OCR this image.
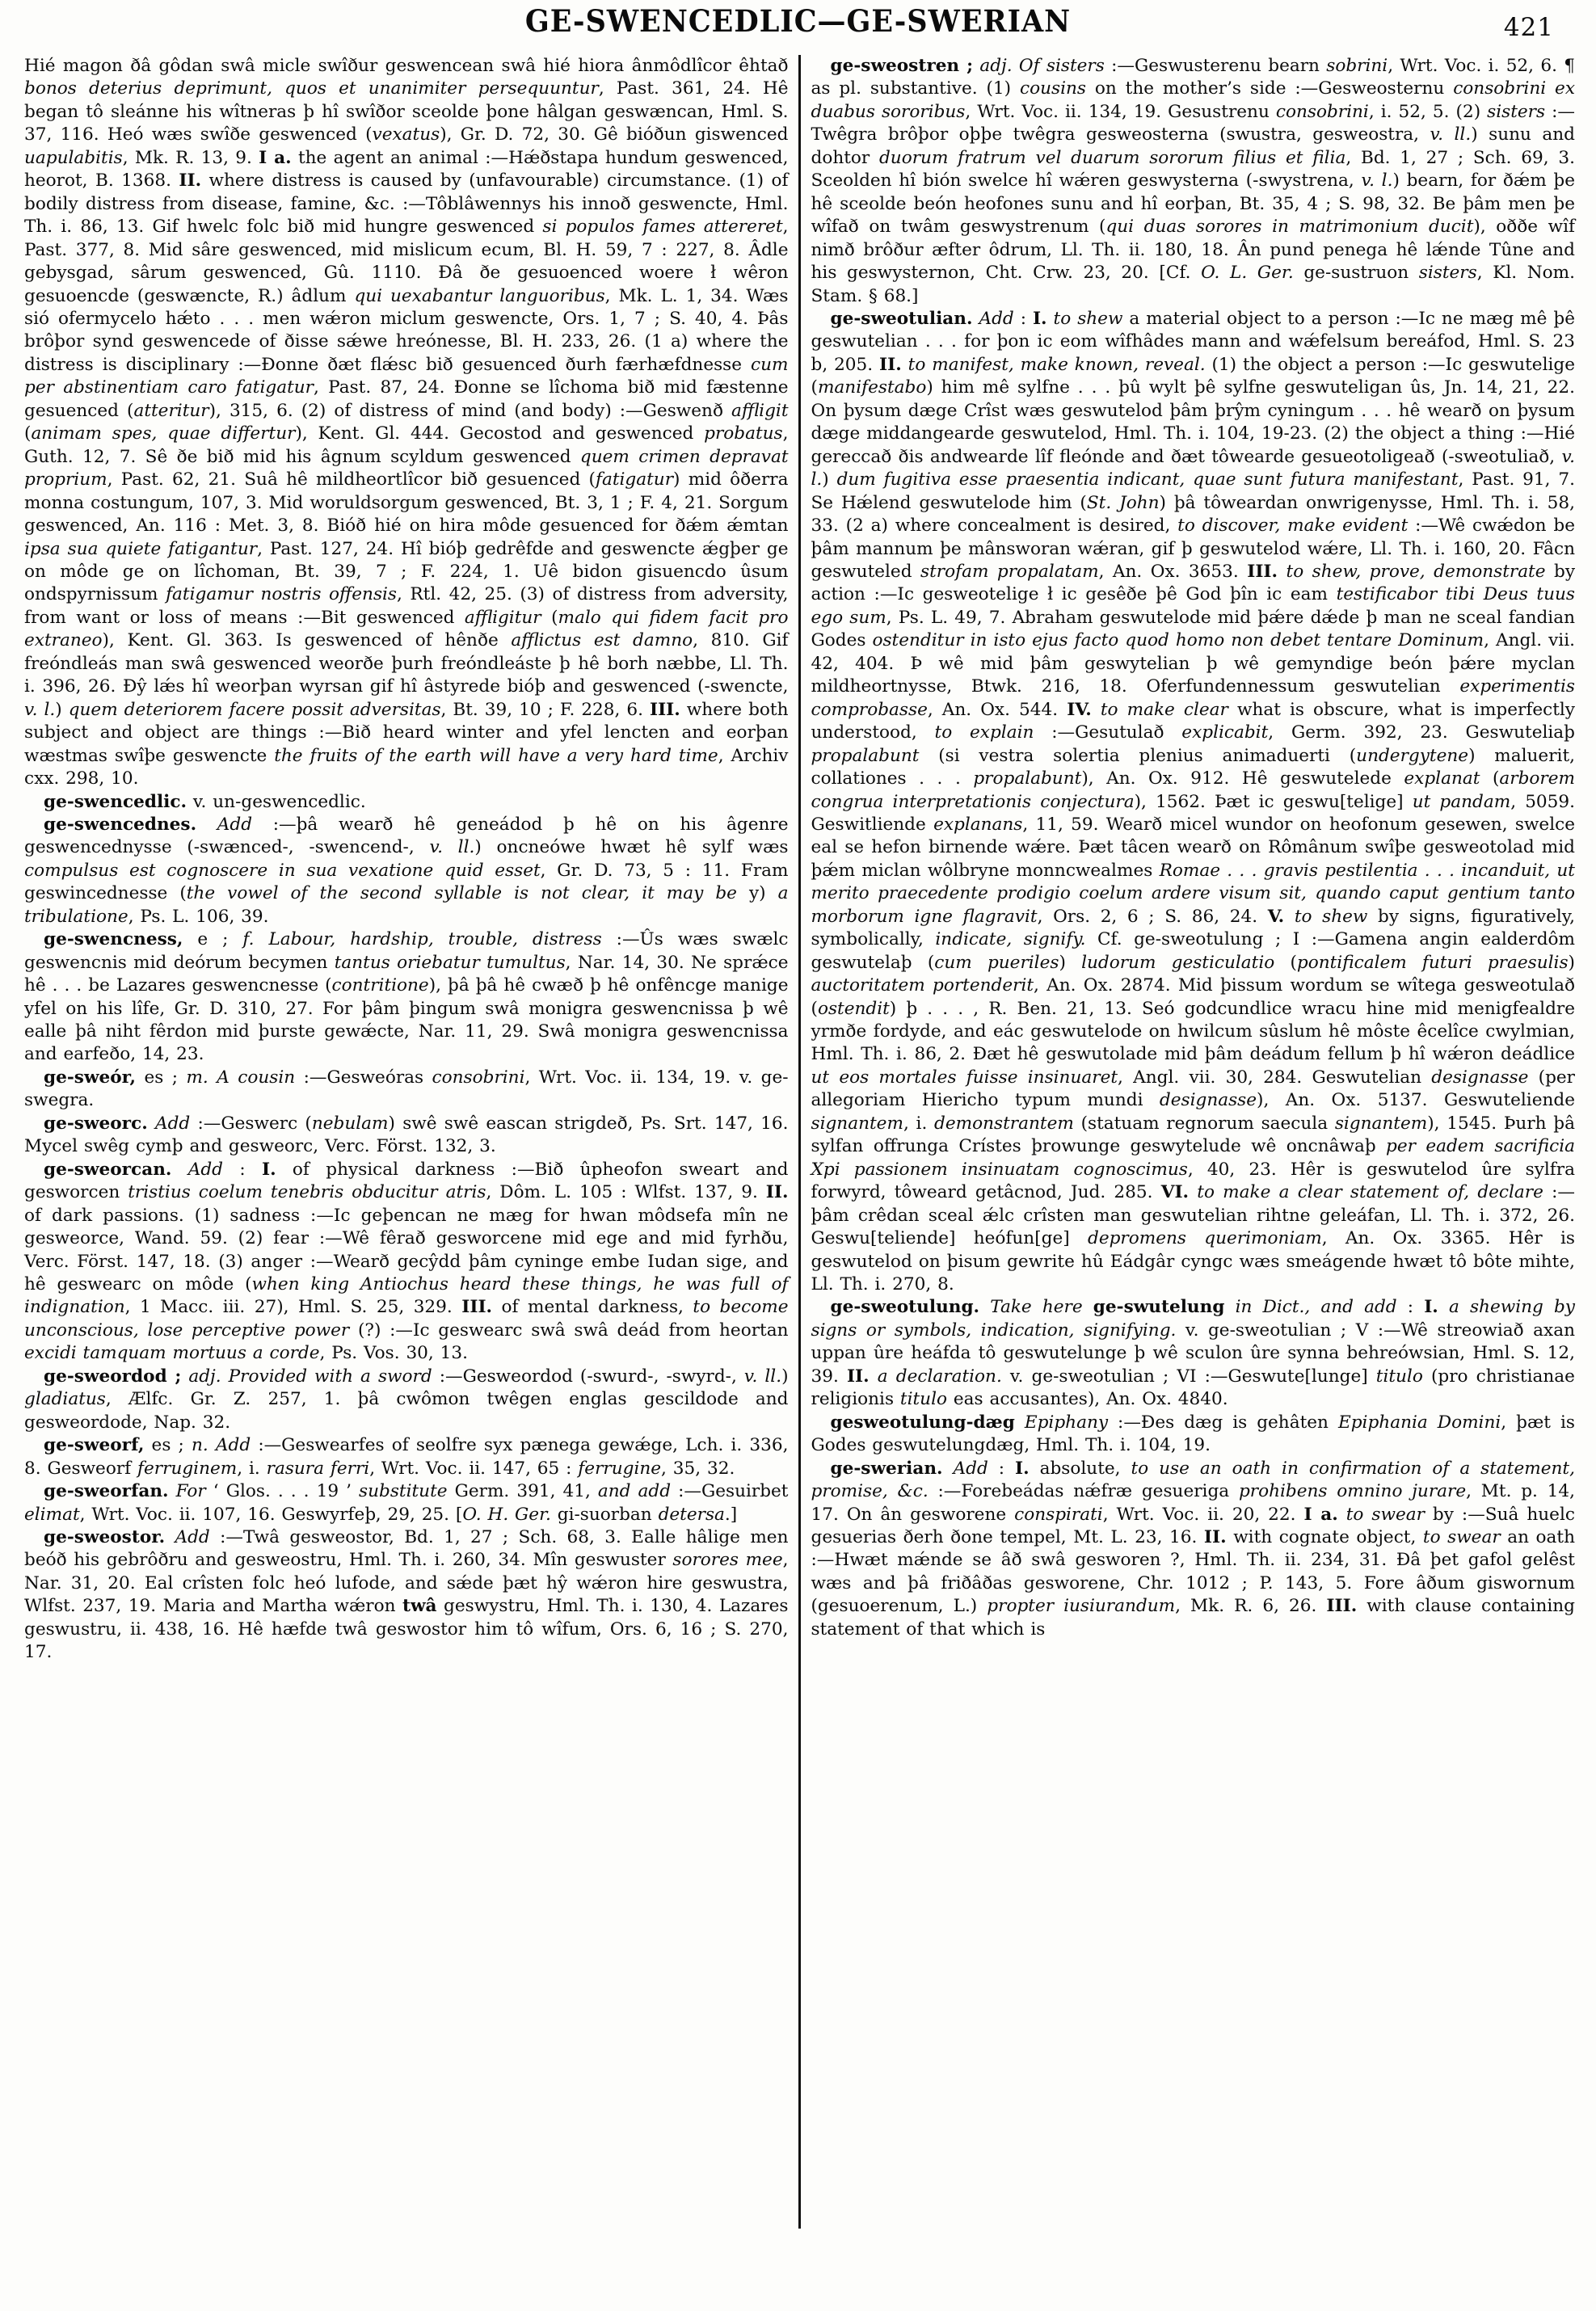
GE-SWENCEDLIC—GE-SWERIAN	421

Hié magon ðâ gôdan swâ micle swîður geswencean swâ hié hiora ânmôdlîcor êhtað bonos deterius deprimunt, quos et unanimiter persequuntur, Past. 361, 24. Hê began tô sleánne his wîtneras þ hî swîðor sceolde þone hâlgan geswæncan, Hml. S. 37, 116. Heó wæs swîðe geswenced (vexatus), Gr. D. 72, 30. Gê bióðun giswenced uapulabitis, Mk. R. 13, 9. I a. the agent an animal :—Hǽðstapa hundum geswenced, heorot, B. 1368. II. where distress is caused by (unfavourable) circumstance. (1) of bodily distress from disease, famine, &c. :—Tôblâwennys his innoð geswencte, Hml. Th. i. 86, 13. Gif hwelc folc bið mid hungre geswenced si populos fames attereret, Past. 377, 8. Mid sâre geswenced, mid mislicum ecum, Bl. H. 59, 7 : 227, 8. Âdle gebysgad, sârum geswenced, Gû. 1110. Ðâ ðe gesuoenced woere ł wêron gesuoencde (geswæncte, R.) âdlum qui uexabantur languoribus, Mk. L. 1, 34. Wæs sió ofermycelo hǽto . . . men wǽron miclum geswencte, Ors. 1, 7 ; S. 40, 4. Þâs brôþor synd geswencede of ðisse sǽwe hreónesse, Bl. H. 233, 26. (1 a) where the distress is disciplinary :—Ðonne ðæt flǽsc bið gesuenced ðurh færhæfdnesse cum per abstinentiam caro fatigatur, Past. 87, 24. Ðonne se lîchoma bið mid fæstenne gesuenced (atteritur), 315, 6. (2) of distress of mind (and body) :—Geswenð affligit (animam spes, quae differtur), Kent. Gl. 444. Gecostod and geswenced probatus, Guth. 12, 7. Sê ðe bið mid his âgnum scyldum geswenced quem crimen depravat proprium, Past. 62, 21. Suâ hê mildheortlîcor bið gesuenced (fatigatur) mid ôðerra monna costungum, 107, 3. Mid woruldsorgum geswenced, Bt. 3, 1 ; F. 4, 21. Sorgum geswenced, An. 116 : Met. 3, 8. Bióð hié on hira môde gesuenced for ðǽm ǽmtan ipsa sua quiete fatigantur, Past. 127, 24. Hî bióþ gedrêfde and geswencte ǽgþer ge on môde ge on lîchoman, Bt. 39, 7 ; F. 224, 1. Uê bidon gisuencdo ûsum ondspyrnissum fatigamur nostris offensis, Rtl. 42, 25. (3) of distress from adversity, from want or loss of means :—Bit geswenced affligitur (malo qui fidem facit pro extraneo), Kent. Gl. 363. Is geswenced of hênðe afflictus est damno, 810. Gif freóndleás man swâ geswenced weorðe þurh freóndleáste þ hê borh næbbe, Ll. Th. i. 396, 26. Ðŷ lǽs hî weorþan wyrsan gif hî âstyrede bióþ and geswenced (-swencte, v. l.) quem deteriorem facere possit adversitas, Bt. 39, 10 ; F. 228, 6. III. where both subject and object are things :—Bið heard winter and yfel lencten and eorþan wæstmas swîþe geswencte the fruits of the earth will have a very hard time, Archiv cxx. 298, 10.

ge-swencedlic. v. un-geswencedlic.

ge-swencednes. Add :—þâ wearð hê geneádod þ hê on his âgenre geswencednysse (-swænced-, -swencend-, v. ll.) oncneówe hwæt hê sylf wæs compulsus est cognoscere in sua vexatione quid esset, Gr. D. 73, 5 : 11. Fram geswincednesse (the vowel of the second syllable is not clear, it may be y) a tribulatione, Ps. L. 106, 39.

ge-swencness, e ; f. Labour, hardship, trouble, distress :—Ûs wæs swælc geswencnis mid deórum becymen tantus oriebatur tumultus, Nar. 14, 30. Ne sprǽce hê . . . be Lazares geswencnesse (contritione), þâ þâ hê cwæð þ hê onfêncge manige yfel on his lîfe, Gr. D. 310, 27. For þâm þingum swâ monigra geswencnissa þ wê ealle þâ niht fêrdon mid þurste gewǽcte, Nar. 11, 29. Swâ monigra geswencnissa and earfeðo, 14, 23.

ge-sweór, es ; m. A cousin :—Gesweóras consobrini, Wrt. Voc. ii. 134, 19. v. ge-swegra.

ge-sweorc. Add :—Geswerc (nebulam) swê swê eascan strigdeð, Ps. Srt. 147, 16. Mycel swêg cymþ and gesweorc, Verc. Först. 132, 3.

ge-sweorcan. Add : I. of physical darkness :—Bið ûpheofon sweart and gesworcen tristius coelum tenebris obducitur atris, Dôm. L. 105 : Wlfst. 137, 9. II. of dark passions. (1) sadness :—Ic geþencan ne mæg for hwan môdsefa mîn ne gesweorce, Wand. 59. (2) fear :—Wê fêrað gesworcene mid ege and mid fyrhðu, Verc. Först. 147, 18. (3) anger :—Wearð gecŷdd þâm cyninge embe Iudan sige, and hê geswearc on môde (when king Antiochus heard these things, he was full of indignation, 1 Macc. iii. 27), Hml. S. 25, 329. III. of mental darkness, to become unconscious, lose perceptive power (?) :—Ic geswearc swâ swâ deád from heortan excidi tamquam mortuus a corde, Ps. Vos. 30, 13.

ge-sweordod ; adj. Provided with a sword :—Gesweordod (-swurd-, -swyrd-, v. ll.) gladiatus, Ælfc. Gr. Z. 257, 1. þâ cwômon twêgen englas gescildode and gesweordode, Nap. 32.

ge-sweorf, es ; n. Add :—Geswearfes of seolfre syx pænega gewǽge, Lch. i. 336, 8. Gesweorf ferruginem, i. rasura ferri, Wrt. Voc. ii. 147, 65 : ferrugine, 35, 32.

ge-sweorfan. For ‘ Glos. . . . 19 ’ substitute Germ. 391, 41, and add :—Gesuirbet elimat, Wrt. Voc. ii. 107, 16. Geswyrfeþ, 29, 25. [O. H. Ger. gi-suorban detersa.]

ge-sweostor. Add :—Twâ gesweostor, Bd. 1, 27 ; Sch. 68, 3. Ealle hâlige men beóð his gebrôðru and gesweostru, Hml. Th. i. 260, 34. Mîn geswuster sorores mee, Nar. 31, 20. Eal crîsten folc heó lufode, and sǽde þæt hŷ wǽron hire geswustra, Wlfst. 237, 19. Maria and Martha wǽron twâ geswystru, Hml. Th. i. 130, 4. Lazares geswustru, ii. 438, 16. Hê hæfde twâ geswostor him tô wîfum, Ors. 6, 16 ; S. 270, 17.

ge-sweostren ; adj. Of sisters :—Geswusterenu bearn sobrini, Wrt. Voc. i. 52, 6. ¶ as pl. substantive. (1) cousins on the mother’s side :—Gesweosternu consobrini ex duabus sororibus, Wrt. Voc. ii. 134, 19. Gesustrenu consobrini, i. 52, 5. (2) sisters :—Twêgra brôþor oþþe twêgra gesweosterna (swustra, gesweostra, v. ll.) sunu and dohtor duorum fratrum vel duarum sororum filius et filia, Bd. 1, 27 ; Sch. 69, 3. Sceolden hî bión swelce hî wǽren geswysterna (-swystrena, v. l.) bearn, for ðǽm þe hê sceolde beón heofones sunu and hî eorþan, Bt. 35, 4 ; S. 98, 32. Be þâm men þe wîfað on twâm geswystrenum (qui duas sorores in matrimonium ducit), oððe wîf nimð brôður æfter ôdrum, Ll. Th. ii. 180, 18. Ân pund penega hê lǽnde Tûne and his geswysternon, Cht. Crw. 23, 20. [Cf. O. L. Ger. ge-sustruon sisters, Kl. Nom. Stam. § 68.]

ge-sweotulian. Add : I. to shew a material object to a person :—Ic ne mæg mê þê geswutelian . . . for þon ic eom wîfhâdes mann and wǽfelsum bereáfod, Hml. S. 23 b, 205. II. to manifest, make known, reveal. (1) the object a person :—Ic geswutelige (manifestabo) him mê sylfne . . . þû wylt þê sylfne geswuteligan ûs, Jn. 14, 21, 22. On þysum dæge Crîst wæs geswutelod þâm þrŷm cyningum . . . hê wearð on þysum dæge middangearde geswutelod, Hml. Th. i. 104, 19-23. (2) the object a thing :—Hié gereccað ðis andwearde lîf fleónde and ðæt tôwearde gesueotoligeað (-sweotuliað, v. l.) dum fugitiva esse praesentia indicant, quae sunt futura manifestant, Past. 91, 7. Se Hǽlend geswutelode him (St. John) þâ tôweardan onwrigenysse, Hml. Th. i. 58, 33. (2 a) where concealment is desired, to discover, make evident :—Wê cwǽdon be þâm mannum þe mânsworan wǽran, gif þ geswutelod wǽre, Ll. Th. i. 160, 20. Fâcn geswuteled strofam propalatam, An. Ox. 3653. III. to shew, prove, demonstrate by action :—Ic gesweotelige ł ic gesêðe þê God þîn ic eam testificabor tibi Deus tuus ego sum, Ps. L. 49, 7. Abraham geswutelode mid þǽre dǽde þ man ne sceal fandian Godes ostenditur in isto ejus facto quod homo non debet tentare Dominum, Angl. vii. 42, 404. Þ wê mid þâm geswytelian þ wê gemyndige beón þǽre myclan mildheortnysse, Btwk. 216, 18. Oferfundennessum geswutelian experimentis comprobasse, An. Ox. 544. IV. to make clear what is obscure, what is imperfectly understood, to explain :—Gesutulað explicabit, Germ. 392, 23. Geswuteliaþ propalabunt (si vestra solertia plenius animaduerti (undergytene) maluerit, collationes . . . propalabunt), An. Ox. 912. Hê geswutelede explanat (arborem congrua interpretationis conjectura), 1562. Þæt ic geswu[telige] ut pandam, 5059. Geswitliende explanans, 11, 59. Wearð micel wundor on heofonum gesewen, swelce eal se hefon birnende wǽre. Þæt tâcen wearð on Rômânum swîþe gesweotolad mid þǽm miclan wôlbryne monncwealmes Romae . . . gravis pestilentia . . . incanduit, ut merito praecedente prodigio coelum ardere visum sit, quando caput gentium tanto morborum igne flagravit, Ors. 2, 6 ; S. 86, 24. V. to shew by signs, figuratively, symbolically, indicate, signify. Cf. ge-sweotulung ; I :—Gamena angin ealderdôm geswutelaþ (cum pueriles) ludorum gesticulatio (pontificalem futuri praesulis) auctoritatem portenderit, An. Ox. 2874. Mid þissum wordum se wîtega gesweotulað (ostendit) þ . . . , R. Ben. 21, 13. Seó godcundlice wracu hine mid menigfealdre yrmðe fordyde, and eác geswutelode on hwilcum sûslum hê môste êcelîce cwylmian, Hml. Th. i. 86, 2. Ðæt hê geswutolade mid þâm deádum fellum þ hî wǽron deádlice ut eos mortales fuisse insinuaret, Angl. vii. 30, 284. Geswutelian designasse (per allegoriam Hiericho typum mundi designasse), An. Ox. 5137. Geswuteliende signantem, i. demonstrantem (statuam regnorum saecula signantem), 1545. Þurh þâ sylfan offrunga Crístes þrowunge geswytelude wê oncnâwaþ per eadem sacrificia Xpi passionem insinuatam cognoscimus, 40, 23. Hêr is geswutelod ûre sylfra forwyrd, tôweard getâcnod, Jud. 285. VI. to make a clear statement of, declare :—þâm crêdan sceal ǽlc crîsten man geswutelian rihtne geleáfan, Ll. Th. i. 372, 26. Geswu[teliende] heófun[ge] depromens querimoniam, An. Ox. 3365. Hêr is geswutelod on þisum gewrite hû Eádgâr cyngc wæs smeágende hwæt tô bôte mihte, Ll. Th. i. 270, 8.

ge-sweotulung. Take here ge-swutelung in Dict., and add : I. a shewing by signs or symbols, indication, signifying. v. ge-sweotulian ; V :—Wê streowiað axan uppan ûre heáfda tô geswutelunge þ wê sculon ûre synna behreówsian, Hml. S. 12, 39. II. a declaration. v. ge-sweotulian ; VI :—Geswute[lunge] titulo (pro christianae religionis titulo eas accusantes), An. Ox. 4840.

gesweotulung-dæg Epiphany :—Ðes dæg is gehâten Epiphania Domini, þæt is Godes geswutelungdæg, Hml. Th. i. 104, 19.

ge-swerian. Add : I. absolute, to use an oath in confirmation of a statement, promise, &c. :—Forebeádas nǽfræ gesueriga prohibens omnino jurare, Mt. p. 14, 17. On ân gesworene conspirati, Wrt. Voc. ii. 20, 22. I a. to swear by :—Suâ huelc gesuerias ðerh ðone tempel, Mt. L. 23, 16. II. with cognate object, to swear an oath :—Hwæt mǽnde se âð swâ gesworen ?, Hml. Th. ii. 234, 31. Ðâ þet gafol gelêst wæs and þâ friðâðas gesworene, Chr. 1012 ; P. 143, 5. Fore âðum giswornum (gesuoerenum, L.) propter iusiurandum, Mk. R. 6, 26. III. with clause containing statement of that which is
